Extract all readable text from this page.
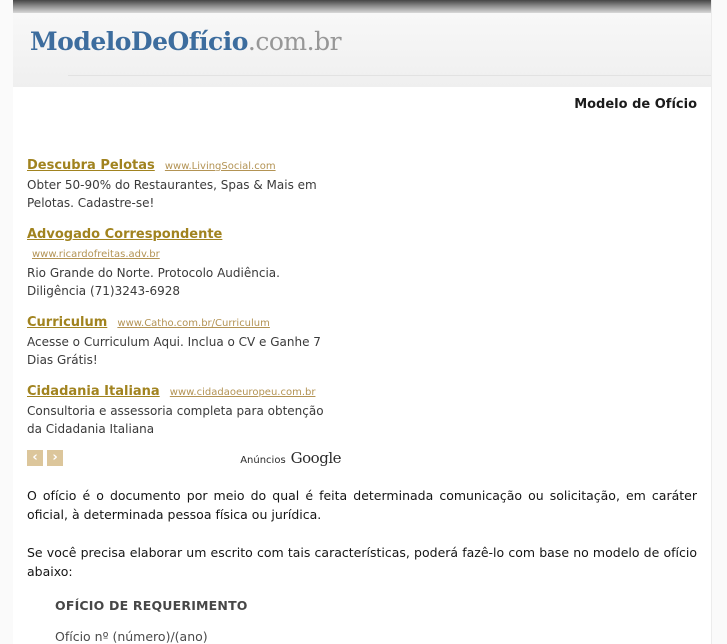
ModeloDeOfício.com.br
Modelo de Ofício
Descubra Pelotas www.LivingSocial.com
Obter 50-90% do Restaurantes, Spas & Mais em Pelotas. Cadastre-se!
Advogado Correspondente www.ricardofreitas.adv.br
Rio Grande do Norte. Protocolo Audiência. Diligência (71)3243-6928
Curriculum www.Catho.com.br/Curriculum
Acesse o Curriculum Aqui. Inclua o CV e Ganhe 7 Dias Grátis!
Cidadania Italiana www.cidadaoeuropeu.com.br
Consultoria e assessoria completa para obtenção da Cidadania Italiana
‹	›	Anúncios Google

O ofício é o documento por meio do qual é feita determinada comunicação ou solicitação, em caráter oficial, à determinada pessoa física ou jurídica.

Se você precisa elaborar um escrito com tais características, poderá fazê-lo com base no modelo de ofício abaixo:

OFÍCIO DE REQUERIMENTO
Ofício nº (número)/(ano)
